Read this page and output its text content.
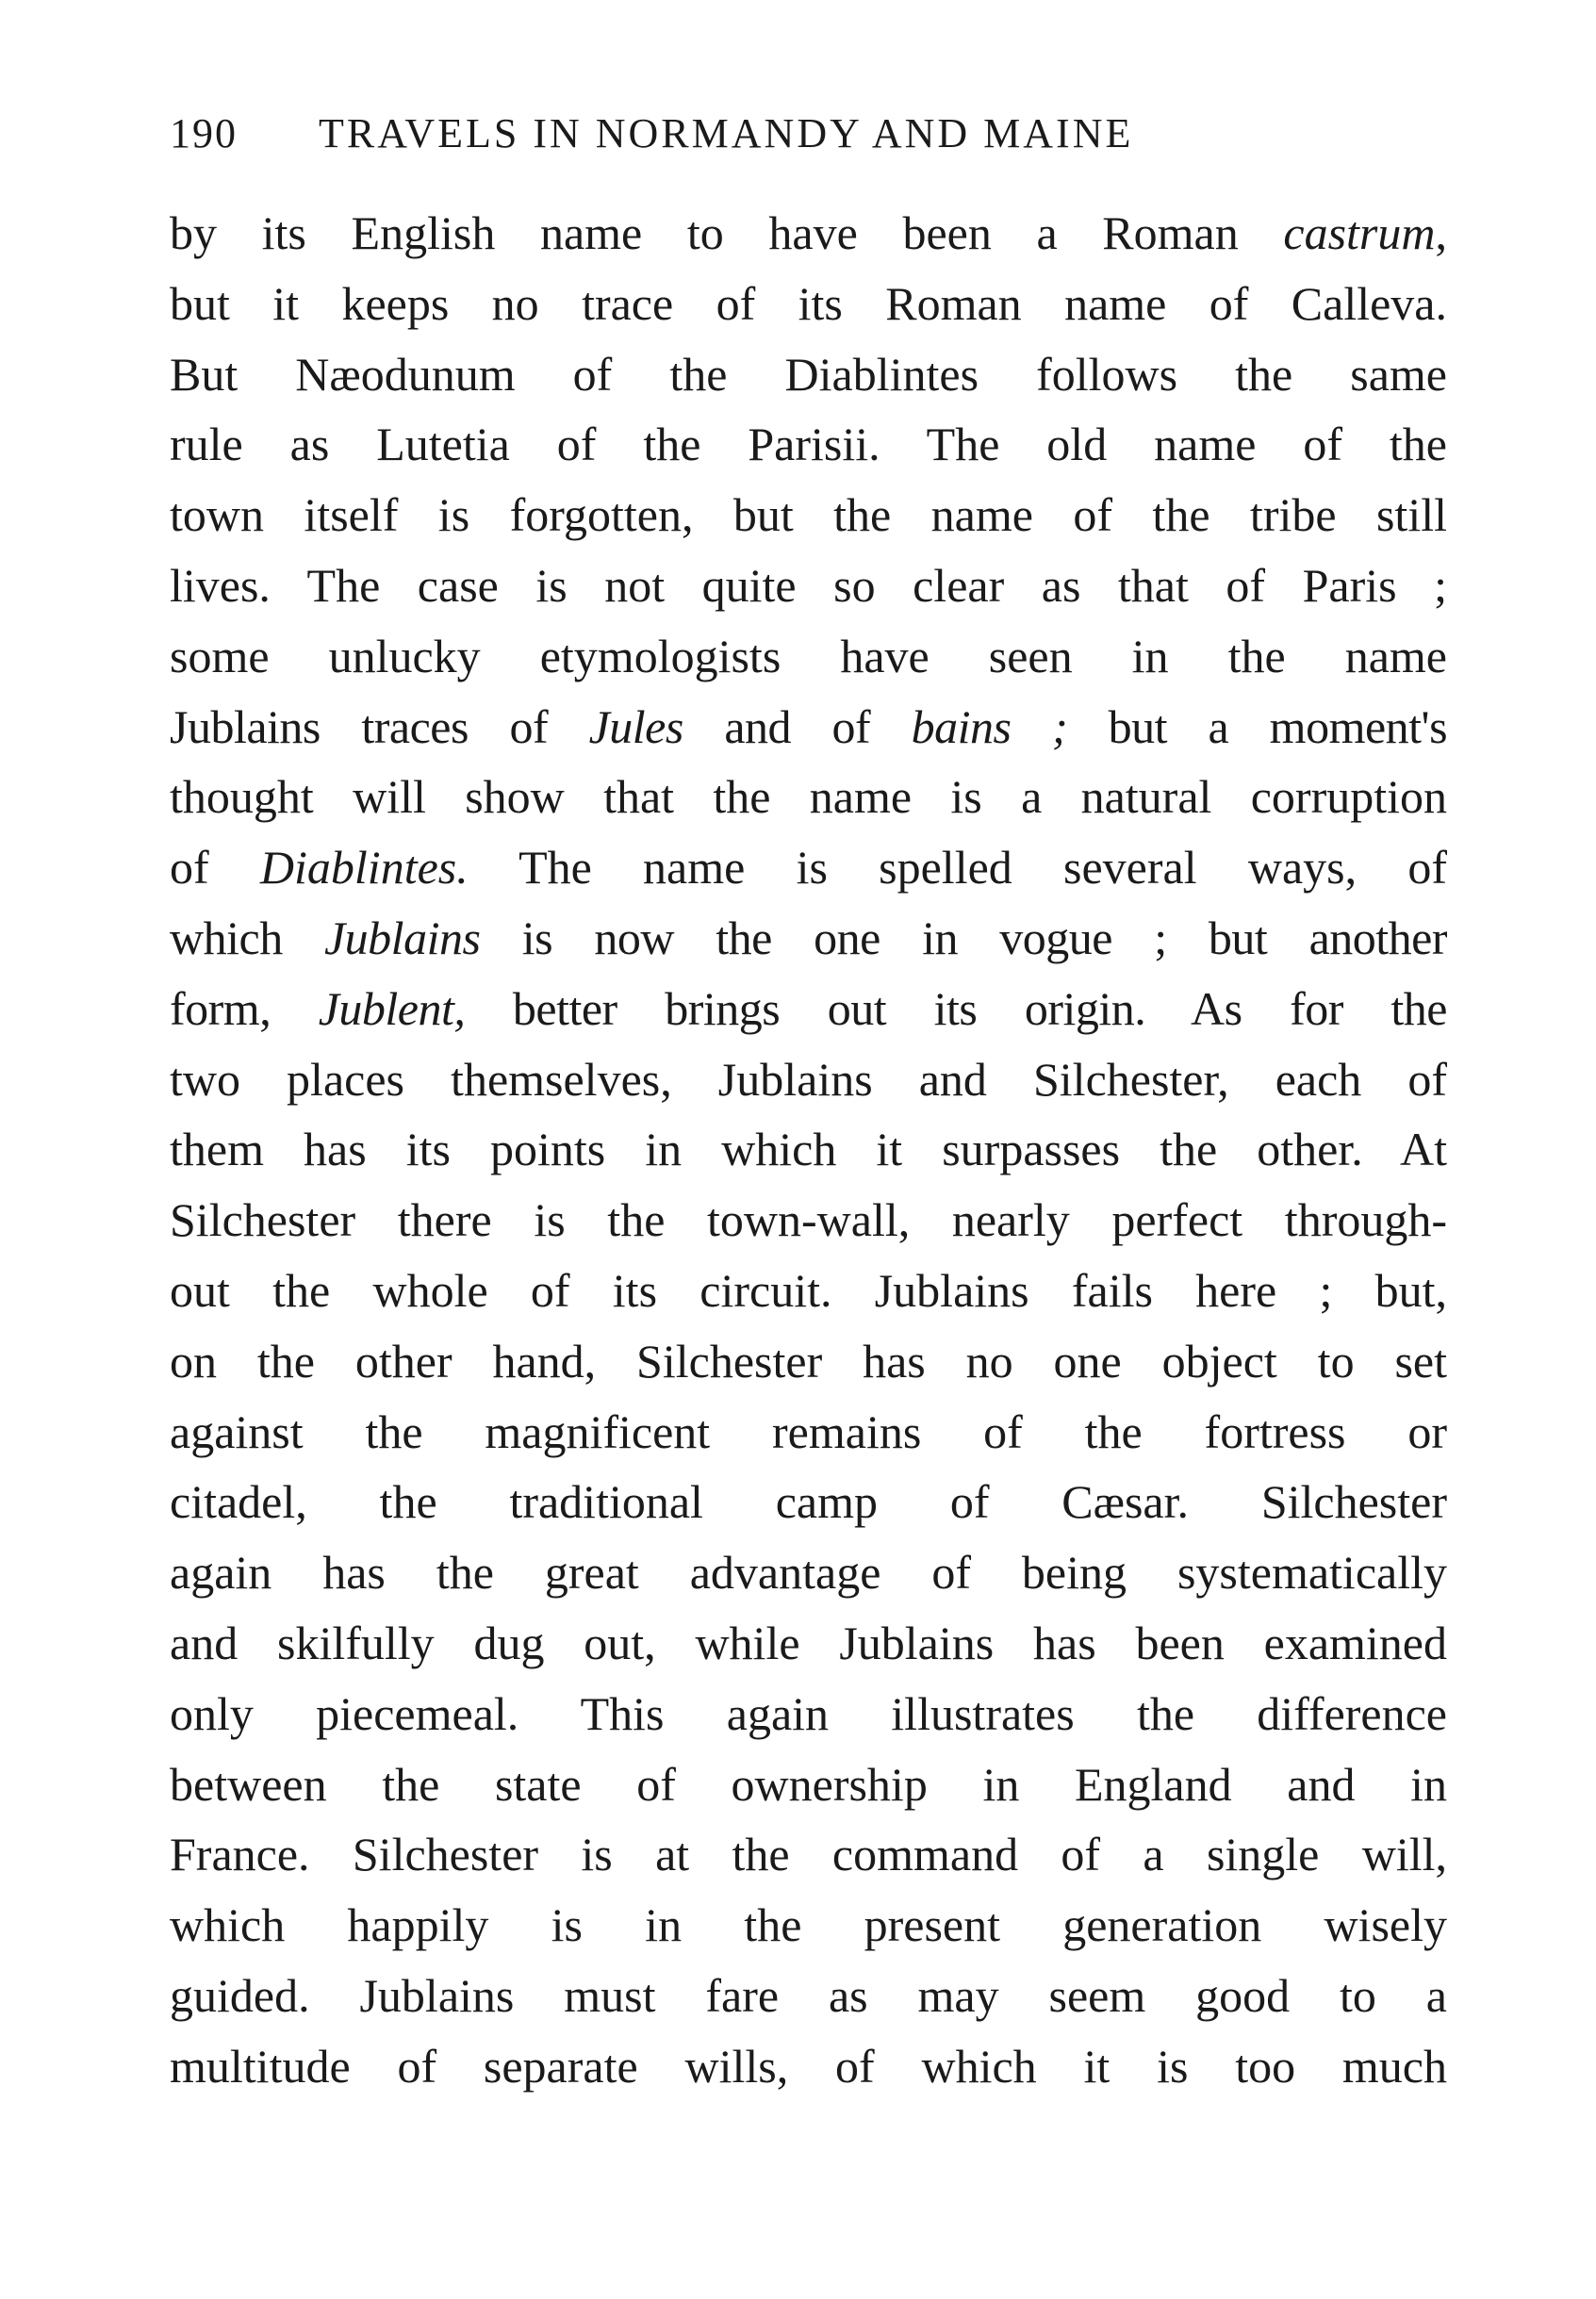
190 TRAVELS IN NORMANDY AND MAINE
by its English name to have been a Roman castrum,
but it keeps no trace of its Roman name of Calleva.
But Næodunum of the Diablintes follows the same
rule as Lutetia of the Parisii. The old name of the
town itself is forgotten, but the name of the tribe still
lives. The case is not quite so clear as that of Paris ;
some unlucky etymologists have seen in the name
Jublains traces of Jules and of bains ; but a moment's
thought will show that the name is a natural corruption
of Diablintes. The name is spelled several ways, of
which Jublains is now the one in vogue ; but another
form, Jublent, better brings out its origin. As for the
two places themselves, Jublains and Silchester, each of
them has its points in which it surpasses the other. At
Silchester there is the town-wall, nearly perfect through-
out the whole of its circuit. Jublains fails here ; but,
on the other hand, Silchester has no one object to set
against the magnificent remains of the fortress or
citadel, the traditional camp of Cæsar. Silchester
again has the great advantage of being systematically
and skilfully dug out, while Jublains has been examined
only piecemeal. This again illustrates the difference
between the state of ownership in England and in
France. Silchester is at the command of a single will,
which happily is in the present generation wisely
guided. Jublains must fare as may seem good to a
multitude of separate wills, of which it is too much
